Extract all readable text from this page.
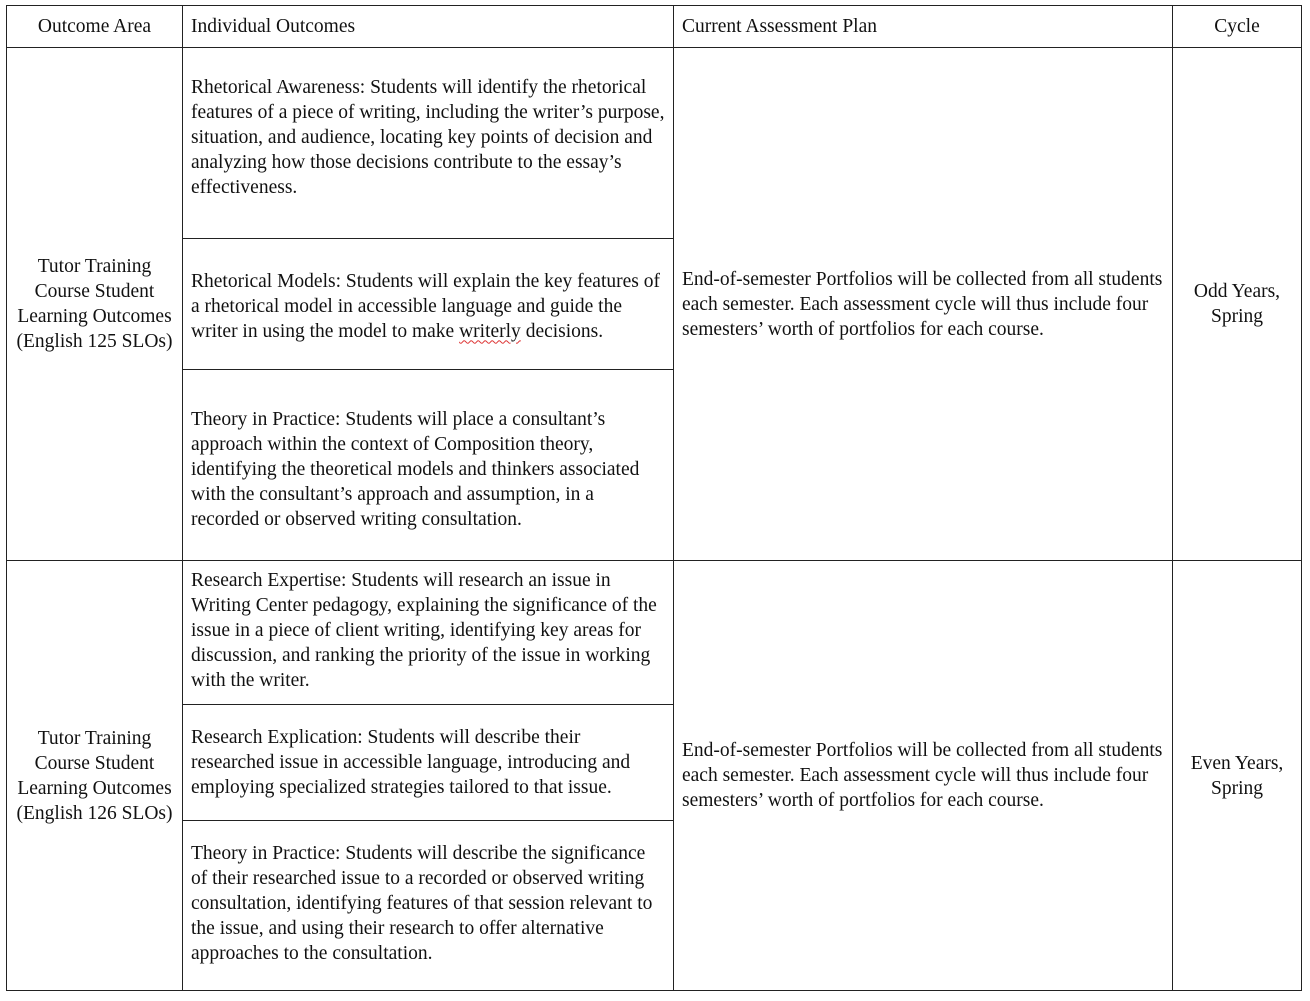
Outcome Area	Individual Outcomes	Current Assessment Plan	Cycle
Tutor Training Course Student Learning Outcomes (English 125 SLOs)	Rhetorical Awareness: Students will identify the rhetorical features of a piece of writing, including the writer’s purpose, situation, and audience, locating key points of decision and analyzing how those decisions contribute to the essay’s effectiveness.	End-of-semester Portfolios will be collected from all students each semester. Each assessment cycle will thus include four semesters’ worth of portfolios for each course.	Odd Years, Spring
	Rhetorical Models: Students will explain the key features of a rhetorical model in accessible language and guide the writer in using the model to make writerly decisions.		
	Theory in Practice: Students will place a consultant’s approach within the context of Composition theory, identifying the theoretical models and thinkers associated with the consultant’s approach and assumption, in a recorded or observed writing consultation.		
Tutor Training Course Student Learning Outcomes (English 126 SLOs)	Research Expertise: Students will research an issue in Writing Center pedagogy, explaining the significance of the issue in a piece of client writing, identifying key areas for discussion, and ranking the priority of the issue in working with the writer.	End-of-semester Portfolios will be collected from all students each semester. Each assessment cycle will thus include four semesters’ worth of portfolios for each course.	Even Years, Spring
	Research Explication: Students will describe their researched issue in accessible language, introducing and employing specialized strategies tailored to that issue.		
	Theory in Practice: Students will describe the significance of their researched issue to a recorded or observed writing consultation, identifying features of that session relevant to the issue, and using their research to offer alternative approaches to the consultation.		
